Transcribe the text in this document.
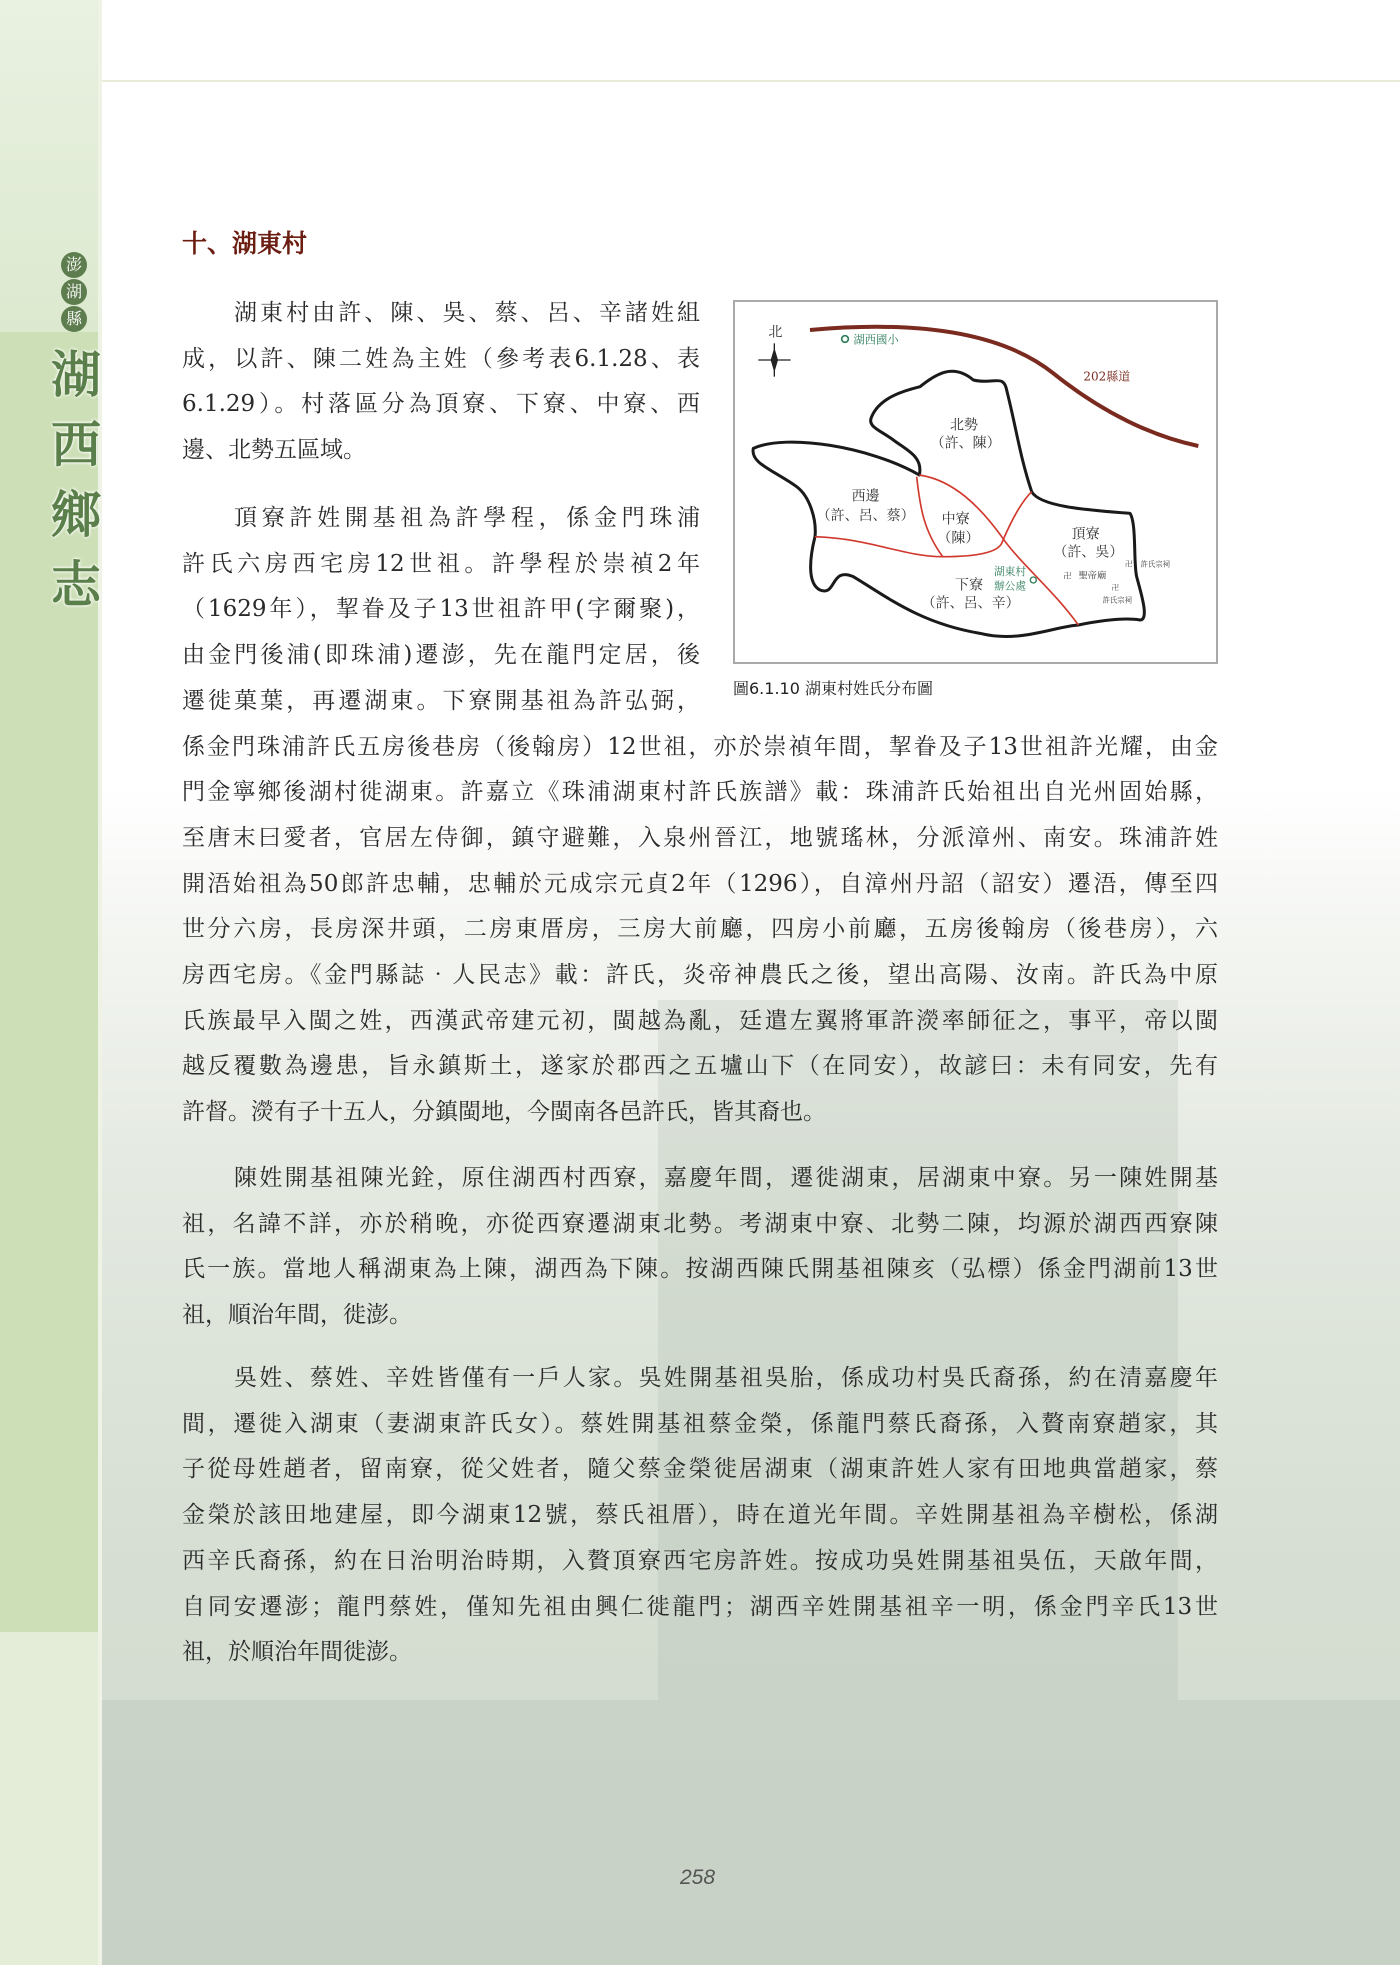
澎
湖
縣
湖
西
鄉
志
十、湖東村
湖東村由許、陳、吳、蔡、呂、辛諸姓組
成，以許、陳二姓為主姓（參考表6.1.28、表
6.1.29）。村落區分為頂寮、下寮、中寮、西
邊、北勢五區域。
頂寮許姓開基祖為許學程，係金門珠浦
許氏六房西宅房12世祖。許學程於崇禎2年
（1629年），挈眷及子13世祖許甲(字爾聚)，
由金門後浦(即珠浦)遷澎，先在龍門定居，後
遷徙菓葉，再遷湖東。下寮開基祖為許弘弼，
係金門珠浦許氏五房後巷房（後翰房）12世祖，亦於崇禎年間，挈眷及子13世祖許光耀，由金
門金寧鄉後湖村徙湖東。許嘉立《珠浦湖東村許氏族譜》載：珠浦許氏始祖出自光州固始縣，
至唐末曰愛者，官居左侍御，鎮守避難，入泉州晉江，地號瑤林，分派漳州、南安。珠浦許姓
開浯始祖為50郎許忠輔，忠輔於元成宗元貞2年（1296），自漳州丹詔（詔安）遷浯，傳至四
世分六房，長房深井頭，二房東厝房，三房大前廳，四房小前廳，五房後翰房（後巷房），六
房西宅房。《金門縣誌‧人民志》載：許氏，炎帝神農氏之後，望出高陽、汝南。許氏為中原
氏族最早入閩之姓，西漢武帝建元初，閩越為亂，廷遣左翼將軍許濙率師征之，事平，帝以閩
越反覆數為邊患，旨永鎮斯土，遂家於郡西之五壚山下（在同安），故諺曰：未有同安，先有
許督。濙有子十五人，分鎮閩地，今閩南各邑許氏，皆其裔也。
陳姓開基祖陳光銓，原住湖西村西寮，嘉慶年間，遷徙湖東，居湖東中寮。另一陳姓開基
祖，名諱不詳，亦於稍晚，亦從西寮遷湖東北勢。考湖東中寮、北勢二陳，均源於湖西西寮陳
氏一族。當地人稱湖東為上陳，湖西為下陳。按湖西陳氏開基祖陳亥（弘標）係金門湖前13世
祖，順治年間，徙澎。
吳姓、蔡姓、辛姓皆僅有一戶人家。吳姓開基祖吳胎，係成功村吳氏裔孫，約在清嘉慶年
間，遷徙入湖東（妻湖東許氏女）。蔡姓開基祖蔡金榮，係龍門蔡氏裔孫，入贅南寮趙家，其
子從母姓趙者，留南寮，從父姓者，隨父蔡金榮徙居湖東（湖東許姓人家有田地典當趙家，蔡
金榮於該田地建屋，即今湖東12號，蔡氏祖厝），時在道光年間。辛姓開基祖為辛樹松，係湖
西辛氏裔孫，約在日治明治時期，入贅頂寮西宅房許姓。按成功吳姓開基祖吳伍，天啟年間，
自同安遷澎；龍門蔡姓，僅知先祖由興仁徙龍門；湖西辛姓開基祖辛一明，係金門辛氏13世
祖，於順治年間徙澎。
北 湖西國小
202縣道
北勢
（許、陳）
西邊
（許、呂、蔡） 中寮
（陳） 頂寮
（許、吳）
下寮
（許、呂、辛）
湖東村
辦公處
卍 聖帝廟
卍 許氏宗祠
卍
許氏宗祠
圖6.1.10 湖東村姓氏分布圖
258
